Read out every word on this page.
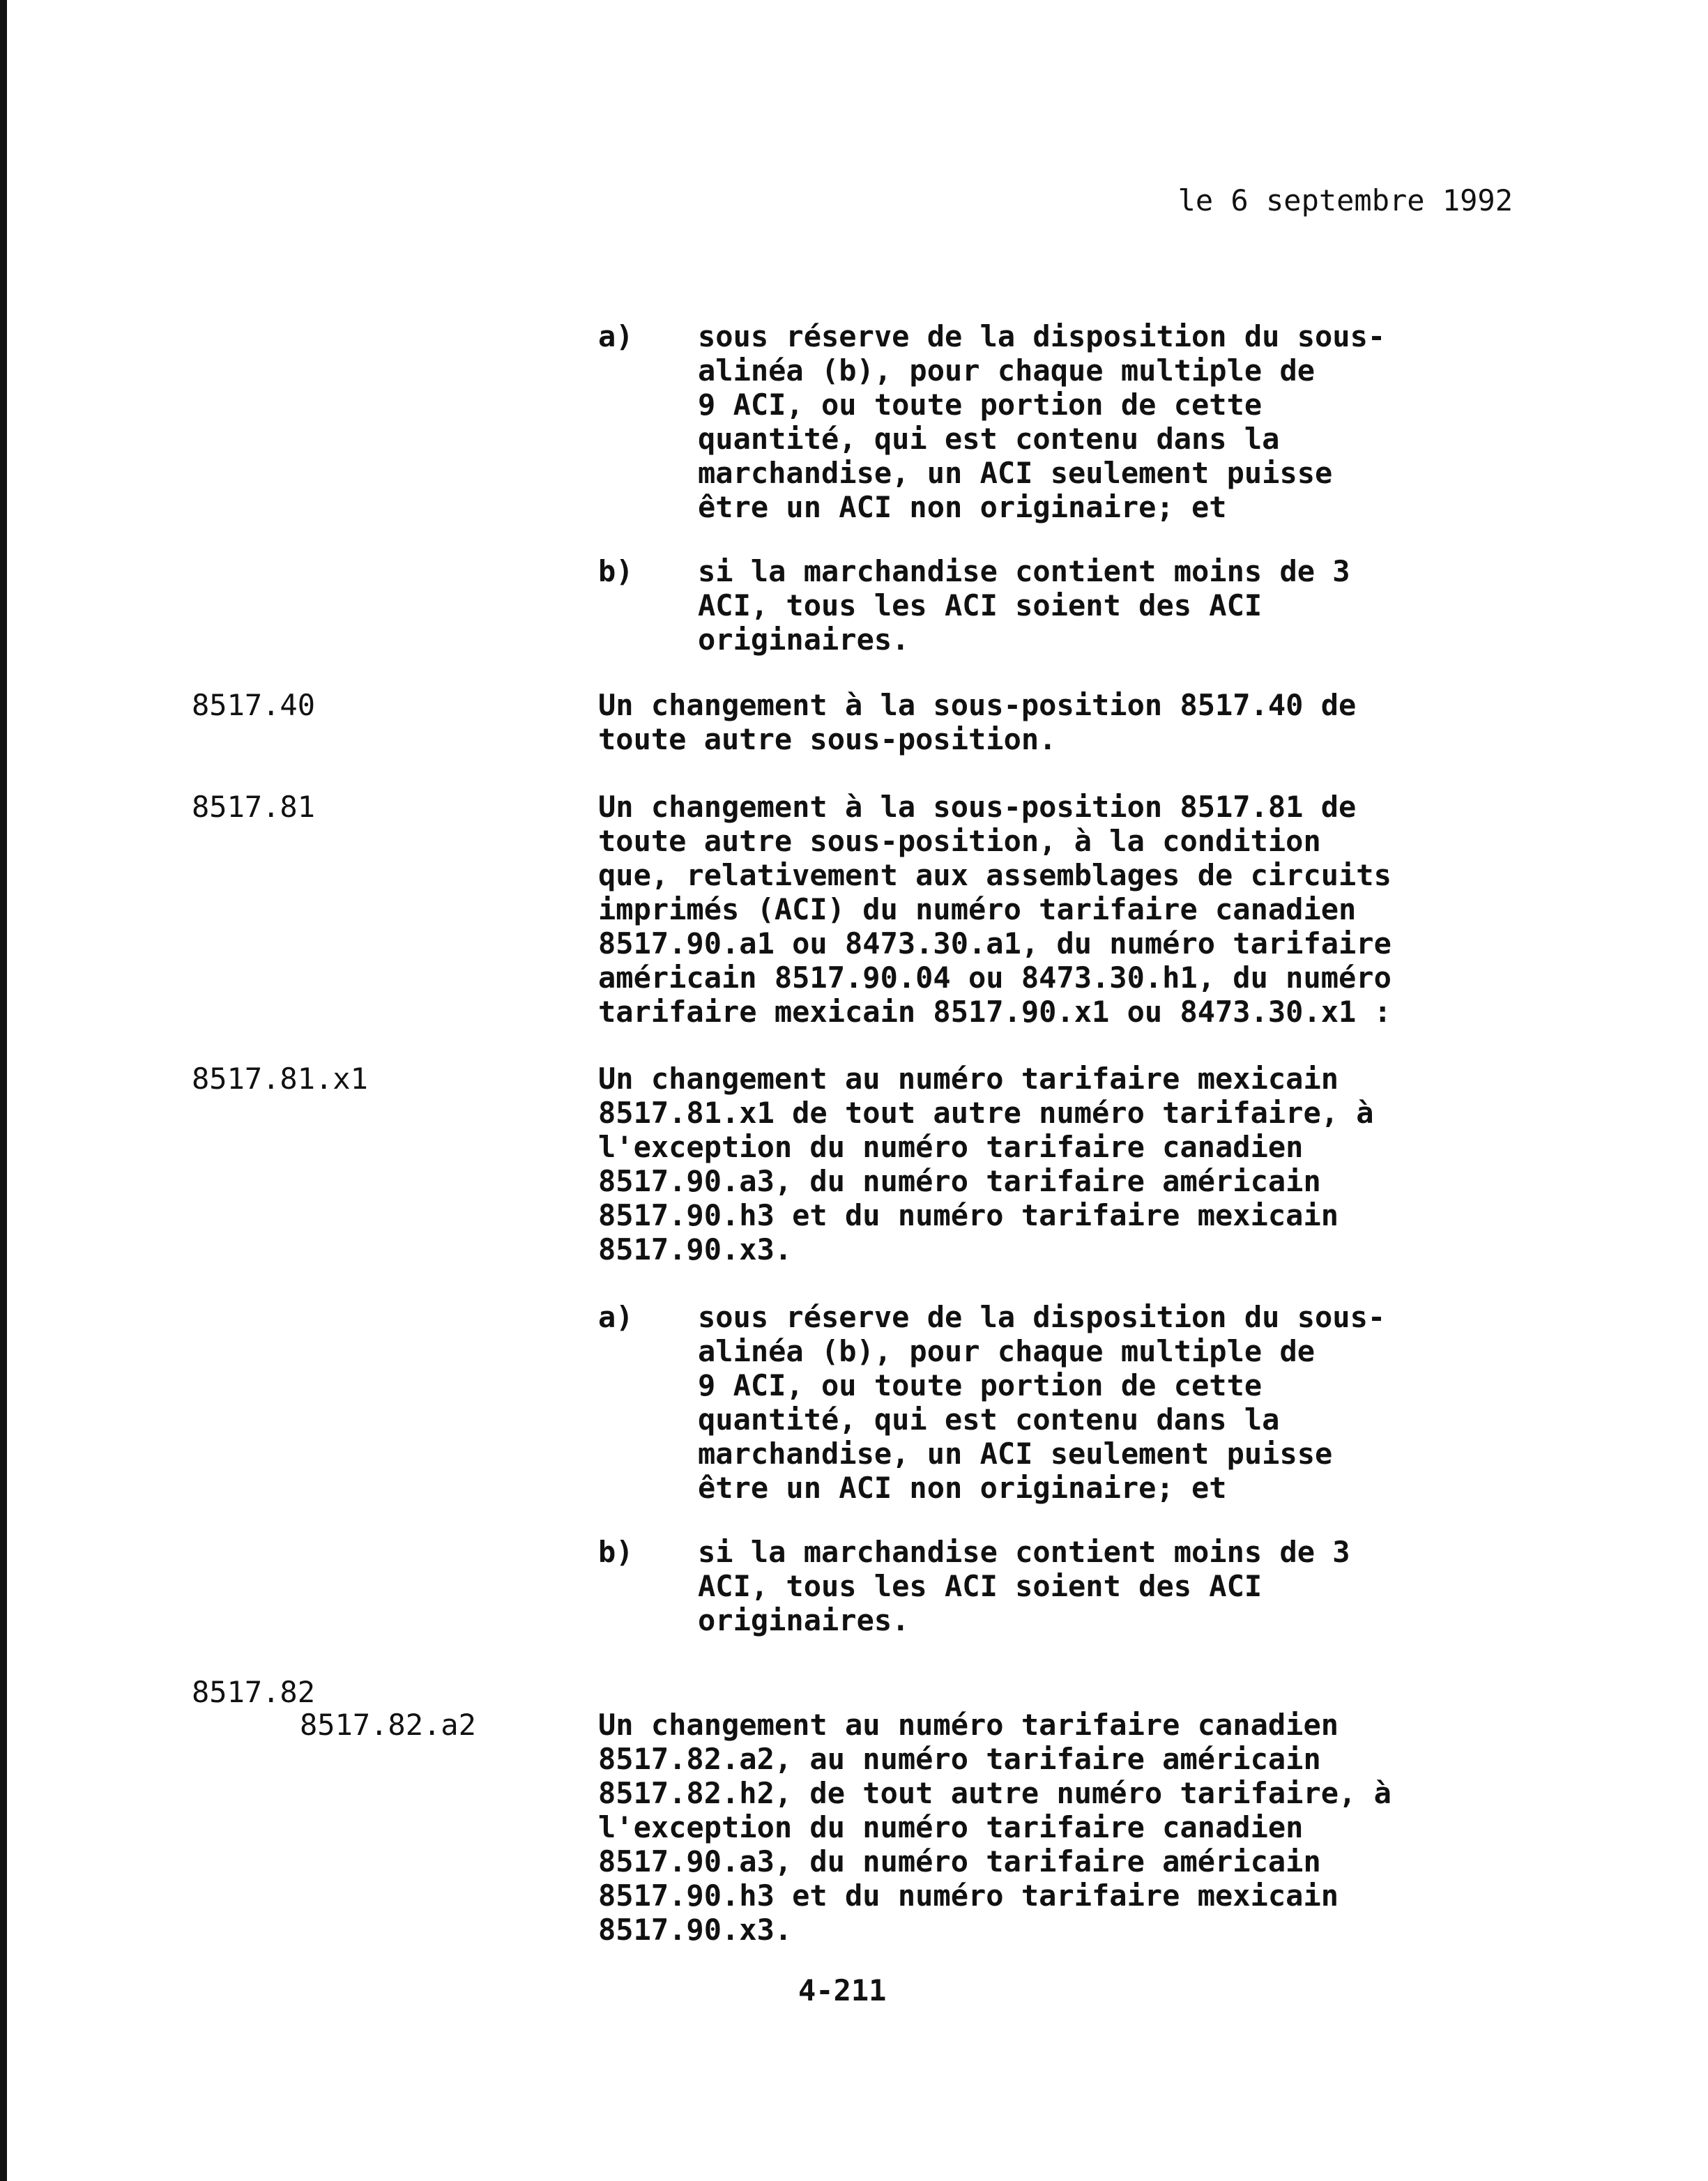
le 6 septembre 1992
a) sous réserve de la disposition du sous-
alinéa (b), pour chaque multiple de
9 ACI, ou toute portion de cette
quantité, qui est contenu dans la
marchandise, un ACI seulement puisse
être un ACI non originaire; et
b) si la marchandise contient moins de 3
ACI, tous les ACI soient des ACI
originaires.
8517.40	Un changement à la sous-position 8517.40 de
toute autre sous-position.
8517.81	Un changement à la sous-position 8517.81 de
toute autre sous-position, à la condition
que, relativement aux assemblages de circuits
imprimés (ACI) du numéro tarifaire canadien
8517.90.a1 ou 8473.30.a1, du numéro tarifaire
américain 8517.90.04 ou 8473.30.h1, du numéro
tarifaire mexicain 8517.90.x1 ou 8473.30.x1 :
8517.81.x1	Un changement au numéro tarifaire mexicain
8517.81.x1 de tout autre numéro tarifaire, à
l'exception du numéro tarifaire canadien
8517.90.a3, du numéro tarifaire américain
8517.90.h3 et du numéro tarifaire mexicain
8517.90.x3.
a) sous réserve de la disposition du sous-
alinéa (b), pour chaque multiple de
9 ACI, ou toute portion de cette
quantité, qui est contenu dans la
marchandise, un ACI seulement puisse
être un ACI non originaire; et
b) si la marchandise contient moins de 3
ACI, tous les ACI soient des ACI
originaires.
8517.82
8517.82.a2	Un changement au numéro tarifaire canadien
8517.82.a2, au numéro tarifaire américain
8517.82.h2, de tout autre numéro tarifaire, à
l'exception du numéro tarifaire canadien
8517.90.a3, du numéro tarifaire américain
8517.90.h3 et du numéro tarifaire mexicain
8517.90.x3.
4-211
